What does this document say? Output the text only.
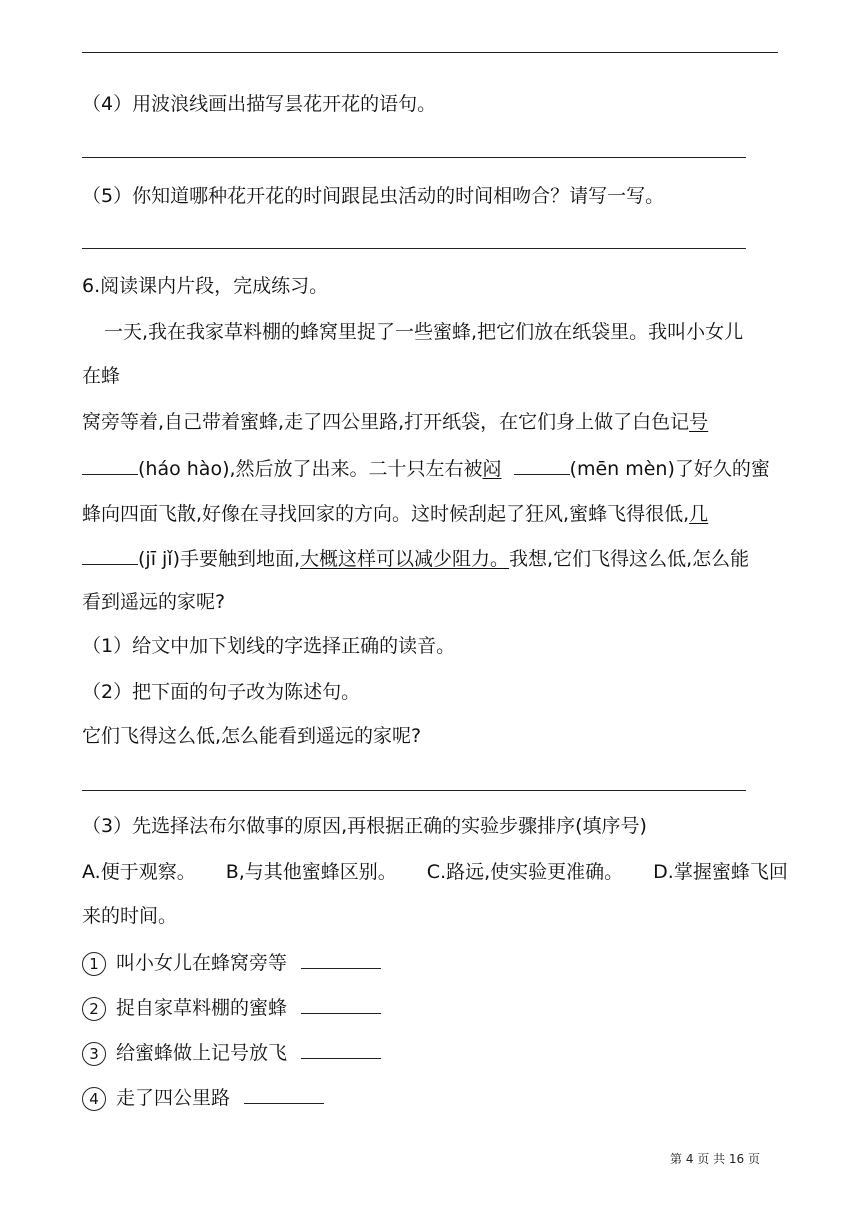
（4）用波浪线画出描写昙花开花的语句。
（5）你知道哪种花开花的时间跟昆虫活动的时间相吻合？请写一写。
6.阅读课内片段，完成练习。
一天,我在我家草料棚的蜂窝里捉了一些蜜蜂,把它们放在纸袋里。我叫小女儿
在蜂
窝旁等着,自己带着蜜蜂,走了四公里路,打开纸袋，在它们身上做了白色记号
(háo hào),然后放了出来。二十只左右被闷	(mēn mèn)了好久的蜜
蜂向四面飞散,好像在寻找回家的方向。这时候刮起了狂风,蜜蜂飞得很低,几
(jī jǐ)手要触到地面,大概这样可以减少阻力。我想,它们飞得这么低,怎么能
看到遥远的家呢?
（1）给文中加下划线的字选择正确的读音。
（2）把下面的句子改为陈述句。
它们飞得这么低,怎么能看到遥远的家呢?
（3）先选择法布尔做事的原因,再根据正确的实验步骤排序(填序号)
A.便于观察。 B,与其他蜜蜂区别。 C.路远,使实验更准确。 D.掌握蜜蜂飞回
来的时间。
1 叫小女儿在蜂窝旁等
2 捉自家草料棚的蜜蜂
3 给蜜蜂做上记号放飞
4 走了四公里路
第 4 页 共 16 页
